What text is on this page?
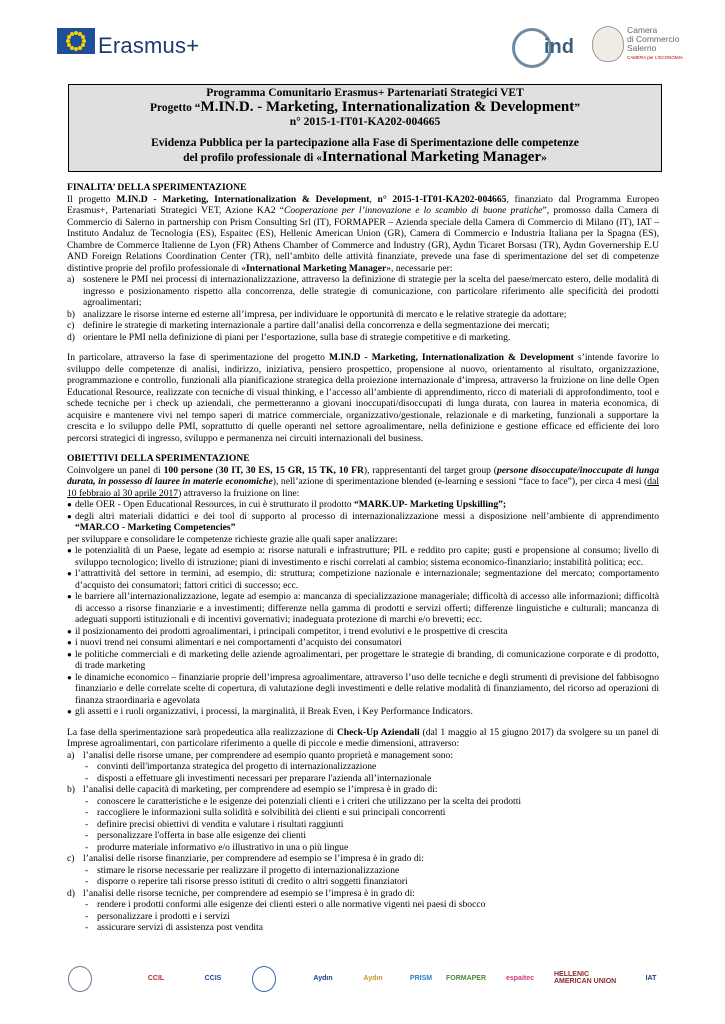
Erasmus+	ind
Camera
di Commercio
Salerno
CAMERA per L'ECONOMIA
Programma Comunitario Erasmus+ Partenariati Strategici VET
Progetto “M.IN.D. - Marketing, Internationalization & Development”
n° 2015-1-IT01-KA202-004665
Evidenza Pubblica per la partecipazione alla Fase di Sperimentazione delle competenze
del profilo professionale di «International Marketing Manager»
FINALITA’ DELLA SPERIMENTAZIONE

Il progetto M.IN.D - Marketing, Internationalization & Development, n° 2015-1-IT01-KA202-004665, finanziato dal Programma Europeo Erasmus+, Partenariati Strategici VET, Azione KA2 “Cooperazione per l’innovazione e lo scambio di buone pratiche”, promosso dalla Camera di Commercio di Salerno in partnership con Prism Consulting Srl (IT), FORMAPER – Azienda speciale della Camera di Commercio di Milano (IT), IAT – Instituto Andaluz de Tecnologia (ES), Espaitec (ES), Hellenic American Union (GR), Camera di Commercio e Industria Italiana per la Spagna (ES), Chambre de Commerce Italienne de Lyon (FR) Athens Chamber of Commerce and Industry (GR), Aydın Ticaret Borsası (TR), Aydın Governership E.U AND Foreign Relations Coordination Center (TR), nell’ambito delle attività finanziate, prevede una fase di sperimentazione del set di competenze distintive proprie del profilo professionale di «International Marketing Manager», necessarie per:

a) sostenere le PMI nei processi di internazionalizzazione, attraverso la definizione di strategie per la scelta del paese/mercato estero, delle modalità di ingresso e posizionamento rispetto alla concorrenza, delle strategie di comunicazione, con particolare riferimento alle specificità dei prodotti agroalimentari;
b) analizzare le risorse interne ed esterne all’impresa, per individuare le opportunità di mercato e le relative strategie da adottare;
c) definire le strategie di marketing internazionale a partire dall’analisi della concorrenza e della segmentazione dei mercati;
d) orientare le PMI nella definizione di piani per l’esportazione, sulla base di strategie competitive e di marketing.

In particolare, attraverso la fase di sperimentazione del progetto M.IN.D - Marketing, Internationalization & Development s’intende favorire lo sviluppo delle competenze di analisi, indirizzo, iniziativa, pensiero prospettico, propensione al nuovo, orientamento al risultato, organizzazione, programmazione e controllo, funzionali alla pianificazione strategica della proiezione internazionale d’impresa, attraverso la fruizione on line delle Open Educational Resource, realizzate con tecniche di visual thinking, e l’accesso all’ambiente di apprendimento, ricco di materiali di approfondimento, tool e schede tecniche per i check up aziendali, che permetteranno a giovani inoccupati/disoccupati di lunga durata, con laurea in materia economica, di acquisire e mantenere vivi nel tempo saperi di matrice commerciale, organizzativo/gestionale, relazionale e di marketing, funzionali a supportare la crescita e lo sviluppo delle PMI, soprattutto di quelle operanti nel settore agroalimentare, nella definizione e gestione efficace ed efficiente dei loro percorsi strategici di ingresso, sviluppo e permanenza nei circuiti internazionali del business.

OBIETTIVI DELLA SPERIMENTAZIONE

Coinvolgere un panel di 100 persone (30 IT, 30 ES, 15 GR, 15 TK, 10 FR), rappresentanti del target group (persone disoccupate/inoccupate di lunga durata, in possesso di lauree in materie economiche), nell’azione di sperimentazione blended (e-learning e sessioni “face to face”), per circa 4 mesi (dal 10 febbraio al 30 aprile 2017) attraverso la fruizione on line:

● delle OER - Open Educational Resources, in cui è strutturato il prodotto “MARK.UP- Marketing Upskilling”;
● degli altri materiali didattici e dei tool di supporto al processo di internazionalizzazione messi a disposizione nell’ambiente di apprendimento “MAR.CO - Marketing Competencies”

per sviluppare e consolidare le competenze richieste grazie alle quali saper analizzare:

● le potenzialità di un Paese, legate ad esempio a: risorse naturali e infrastrutture; PIL e reddito pro capite; gusti e propensione al consumo; livello di sviluppo tecnologico; livello di istruzione; piani di investimento e rischi correlati al cambio; sistema economico-finanziario; instabilità politica; ecc.
● l’attrattività del settore in termini, ad esempio, di: struttura; competizione nazionale e internazionale; segmentazione del mercato; comportamento d’acquisto dei consumatori; fattori critici di successo; ecc.
● le barriere all’internazionalizzazione, legate ad esempio a: mancanza di specializzazione manageriale; difficoltà di accesso alle informazioni; difficoltà di accesso a risorse finanziarie e a investimenti; differenze nella gamma di prodotti e servizi offerti; differenze linguistiche e culturali; mancanza di adeguati supporti istituzionali e di incentivi governativi; inadeguata protezione di marchi e/o brevetti; ecc.
● il posizionamento dei prodotti agroalimentari, i principali competitor, i trend evolutivi e le prospettive di crescita
● i nuovi trend nei consumi alimentari e nei comportamenti d’acquisto dei consumatori
● le politiche commerciali e di marketing delle aziende agroalimentari, per progettare le strategie di branding, di comunicazione corporate e di prodotto, di trade marketing
● le dinamiche economico – finanziarie proprie dell’impresa agroalimentare, attraverso l’uso delle tecniche e degli strumenti di previsione del fabbisogno finanziario e delle correlate scelte di copertura, di valutazione degli investimenti e delle relative modalità di finanziamento, del ricorso ad operazioni di finanza straordinaria e agevolata
● gli assetti e i ruoli organizzativi, i processi, la marginalità, il Break Even, i Key Performance Indicators.

La fase della sperimentazione sarà propedeutica alla realizzazione di Check-Up Aziendali (dal 1 maggio al 15 giugno 2017) da svolgere su un panel di Imprese agroalimentari, con particolare riferimento a quelle di piccole e medie dimensioni, attraverso:

a) l’analisi delle risorse umane, per comprendere ad esempio quanto proprietà e management sono:
- convinti dell'importanza strategica del progetto di internazionalizzazione
- disposti a effettuare gli investimenti necessari per preparare l'azienda all’internazionale
b) l’analisi delle capacità di marketing, per comprendere ad esempio se l’impresa è in grado di:
- conoscere le caratteristiche e le esigenze dei potenziali clienti e i criteri che utilizzano per la scelta dei prodotti
- raccogliere le informazioni sulla solidità e solvibilità dei clienti e sui principali concorrenti
- definire precisi obiettivi di vendita e valutare i risultati raggiunti
- personalizzare l'offerta in base alle esigenze dei clienti
- produrre materiale informativo e/o illustrativo in una o più lingue
c) l’analisi delle risorse finanziarie, per comprendere ad esempio se l’impresa è in grado di:
- stimare le risorse necessarie per realizzare il progetto di internazionalizzazione
- disporre o reperire tali risorse presso istituti di credito o altri soggetti finanziatori
d) l’analisi delle risorse tecniche, per comprendere ad esempio se l’impresa è in grado di:
- rendere i prodotti conformi alle esigenze dei clienti esteri o alle normative vigenti nei paesi di sbocco
- personalizzare i prodotti e i servizi
- assicurare servizi di assistenza post vendita
CCIL	CCIS	Aydın	Aydın	PRISM	FORMAPER	espaitec	HELLENIC AMERICAN UNION	IAT
